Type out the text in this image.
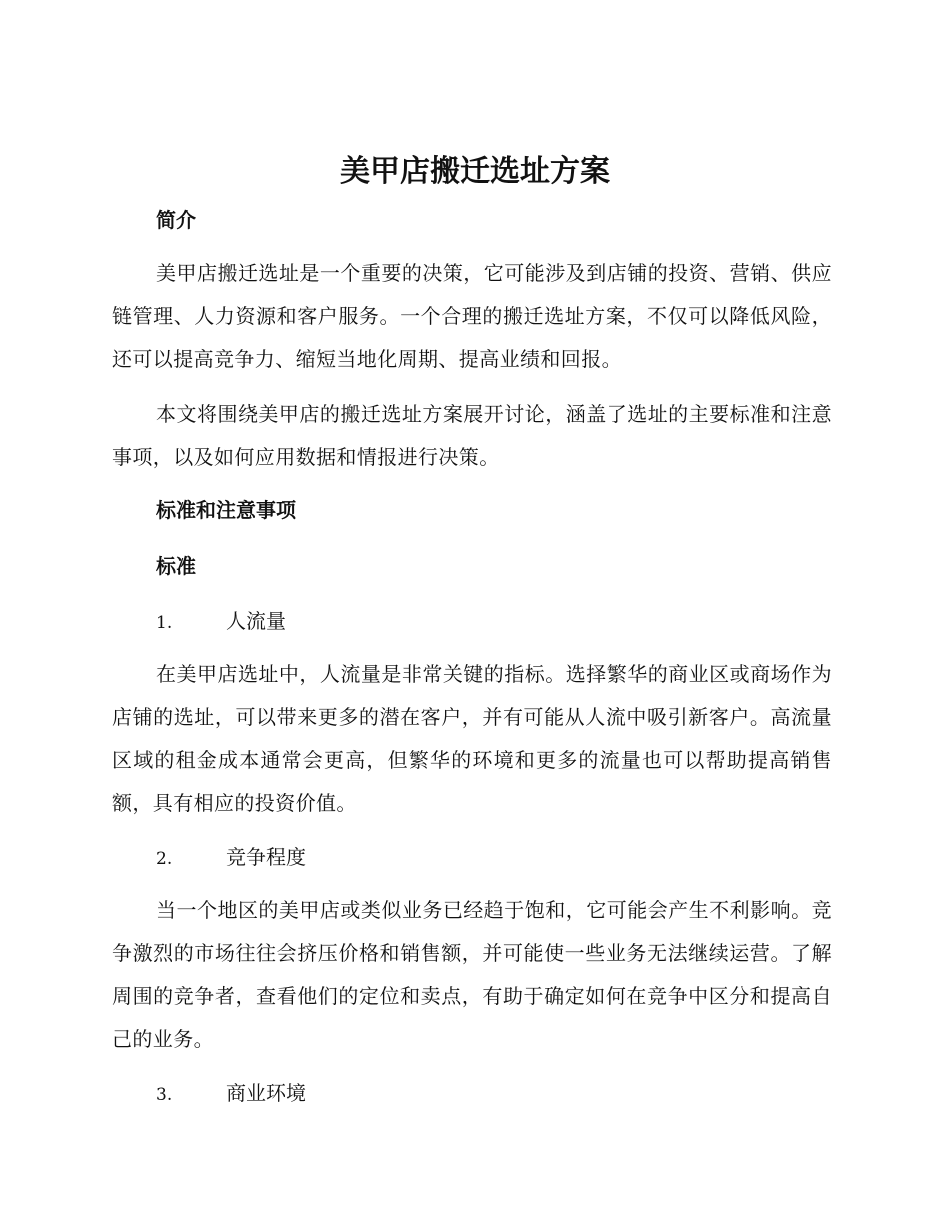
美甲店搬迁选址方案
简介

美甲店搬迁选址是一个重要的决策，它可能涉及到店铺的投资、营销、供应链管理、人力资源和客户服务。一个合理的搬迁选址方案，不仅可以降低风险，还可以提高竞争力、缩短当地化周期、提高业绩和回报。

本文将围绕美甲店的搬迁选址方案展开讨论，涵盖了选址的主要标准和注意事项，以及如何应用数据和情报进行决策。

标准和注意事项
标准
1.	人流量

在美甲店选址中，人流量是非常关键的指标。选择繁华的商业区或商场作为店铺的选址，可以带来更多的潜在客户，并有可能从人流中吸引新客户。高流量区域的租金成本通常会更高，但繁华的环境和更多的流量也可以帮助提高销售额，具有相应的投资价值。

2.	竞争程度

当一个地区的美甲店或类似业务已经趋于饱和，它可能会产生不利影响。竞争激烈的市场往往会挤压价格和销售额，并可能使一些业务无法继续运营。了解周围的竞争者，查看他们的定位和卖点，有助于确定如何在竞争中区分和提高自己的业务。

3.	商业环境
